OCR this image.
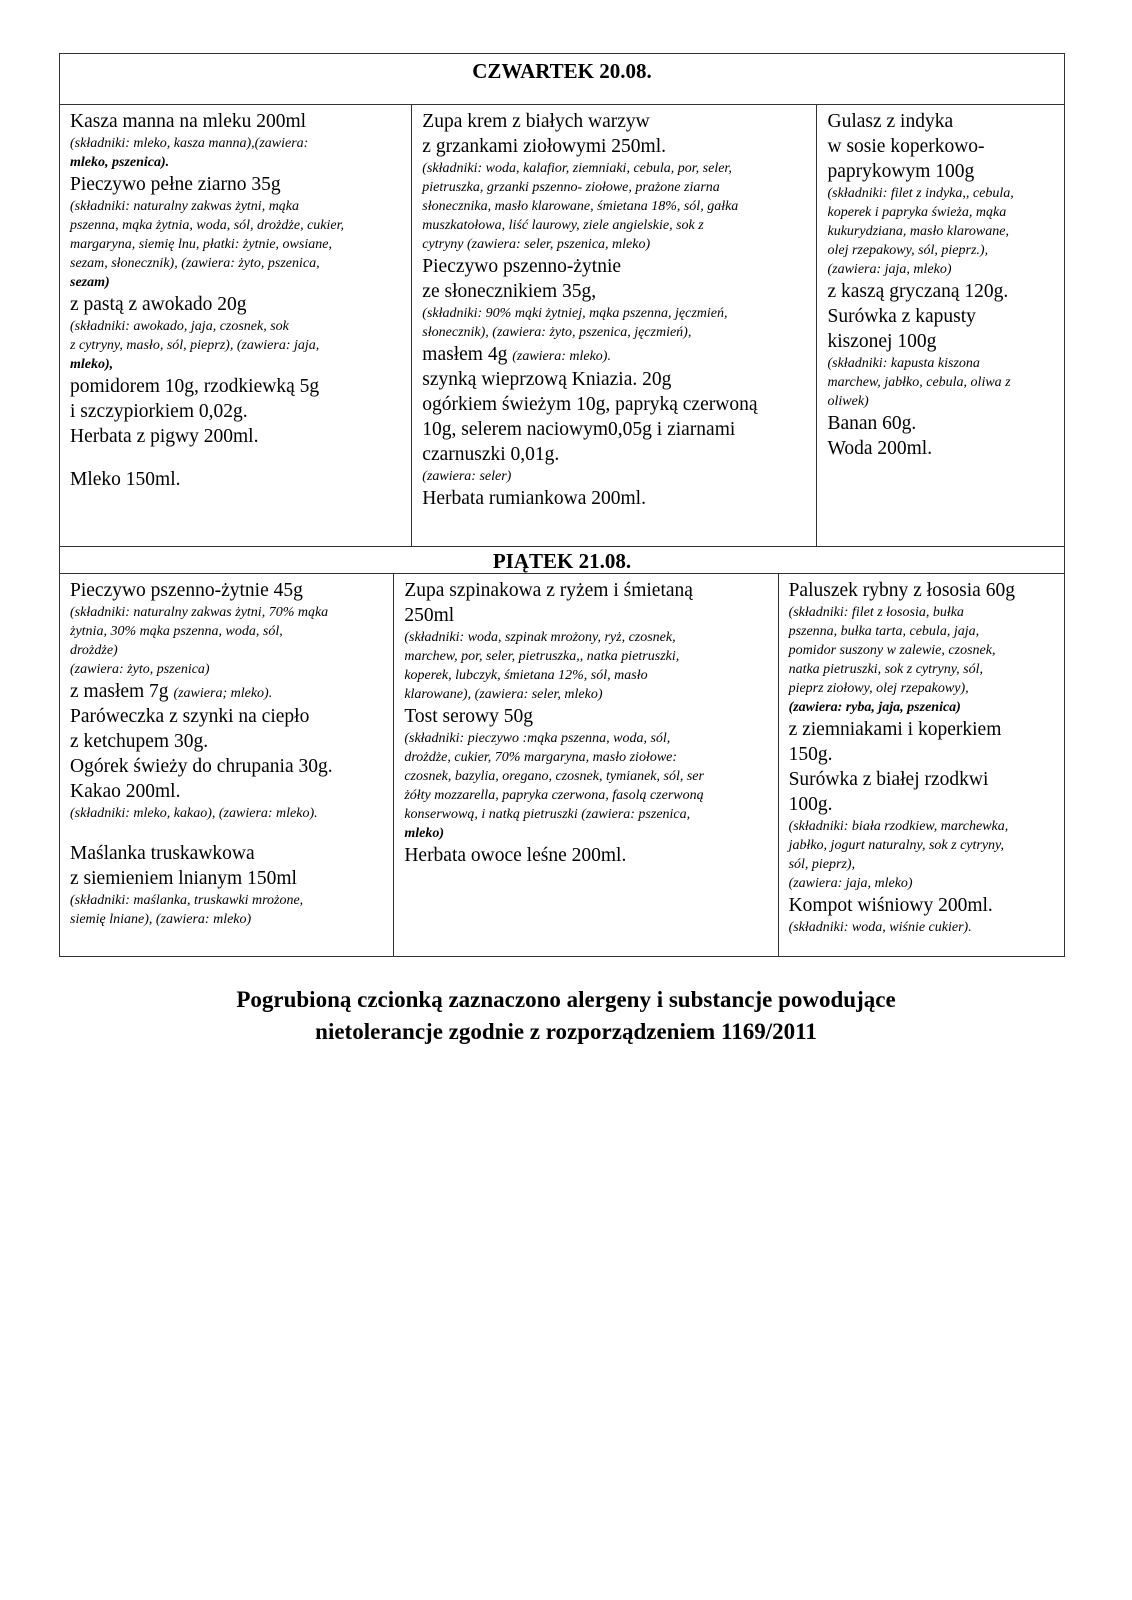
CZWARTEK 20.08.
Kasza manna na mleku 200ml
(składniki: mleko, kasza manna),(zawiera:
mleko, pszenica).
Pieczywo pełne ziarno 35g
(składniki: naturalny zakwas żytni, mąka
pszenna, mąka żytnia, woda, sól, drożdże, cukier,
margaryna, siemię lnu, płatki: żytnie, owsiane,
sezam, słonecznik), (zawiera: żyto, pszenica,
sezam)
z pastą z awokado 20g
(składniki: awokado, jaja, czosnek, sok
z cytryny, masło, sól, pieprz), (zawiera: jaja,
mleko),
pomidorem 10g, rzodkiewką 5g
i szczypiorkiem 0,02g.
Herbata z pigwy 200ml.
Mleko 150ml.
Zupa krem z białych warzyw
z grzankami ziołowymi 250ml.
(składniki: woda, kalafior, ziemniaki, cebula, por, seler,
pietruszka, grzanki pszenno- ziołowe, prażone ziarna
słonecznika, masło klarowane, śmietana 18%, sól, gałka
muszkatołowa, liść laurowy, ziele angielskie, sok z
cytryny (zawiera: seler, pszenica, mleko)
Pieczywo pszenno-żytnie
ze słonecznikiem 35g,
(składniki: 90% mąki żytniej, mąka pszenna, jęczmień,
słonecznik), (zawiera: żyto, pszenica, jęczmień),
masłem 4g (zawiera: mleko).
szynką wieprzową Kniazia. 20g
ogórkiem świeżym 10g, papryką czerwoną
10g, selerem naciowym0,05g i ziarnami
czarnuszki 0,01g.
(zawiera: seler)
Herbata rumiankowa 200ml.
Gulasz z indyka
w sosie koperkowo-
paprykowym 100g
(składniki: filet z indyka,, cebula,
koperek i papryka świeża, mąka
kukurydziana, masło klarowane,
olej rzepakowy, sól, pieprz.),
(zawiera: jaja, mleko)
z kaszą gryczaną 120g.
Surówka z kapusty
kiszonej 100g
(składniki: kapusta kiszona
marchew, jabłko, cebula, oliwa z
oliwek)
Banan 60g.
Woda 200ml.
PIĄTEK 21.08.
Pieczywo pszenno-żytnie 45g
(składniki: naturalny zakwas żytni, 70% mąka
żytnia, 30% mąka pszenna, woda, sól,
drożdże)
(zawiera: żyto, pszenica)
z masłem 7g (zawiera; mleko).
Paróweczka z szynki na ciepło
z ketchupem 30g.
Ogórek świeży do chrupania 30g.
Kakao 200ml.
(składniki: mleko, kakao), (zawiera: mleko).
Maślanka truskawkowa
z siemieniem lnianym 150ml
(składniki: maślanka, truskawki mrożone,
siemię lniane), (zawiera: mleko)
Zupa szpinakowa z ryżem i śmietaną
250ml
(składniki: woda, szpinak mrożony, ryż, czosnek,
marchew, por, seler, pietruszka,, natka pietruszki,
koperek, lubczyk, śmietana 12%, sól, masło
klarowane), (zawiera: seler, mleko)
Tost serowy 50g
(składniki: pieczywo :mąka pszenna, woda, sól,
drożdże, cukier, 70% margaryna, masło ziołowe:
czosnek, bazylia, oregano, czosnek, tymianek, sól, ser
żółty mozzarella, papryka czerwona, fasolą czerwoną
konserwową, i natką pietruszki (zawiera: pszenica,
mleko)
Herbata owoce leśne 200ml.
Paluszek rybny z łososia 60g
(składniki: filet z łososia, bułka
pszenna, bułka tarta, cebula, jaja,
pomidor suszony w zalewie, czosnek,
natka pietruszki, sok z cytryny, sól,
pieprz ziołowy, olej rzepakowy),
(zawiera: ryba, jaja, pszenica)
z ziemniakami i koperkiem
150g.
Surówka z białej rzodkwi
100g.
(składniki: biała rzodkiew, marchewka,
jabłko, jogurt naturalny, sok z cytryny,
sól, pieprz),
(zawiera: jaja, mleko)
Kompot wiśniowy 200ml.
(składniki: woda, wiśnie cukier).
Pogrubioną czcionką zaznaczono alergeny i substancje powodujące
nietolerancje zgodnie z rozporządzeniem 1169/2011
